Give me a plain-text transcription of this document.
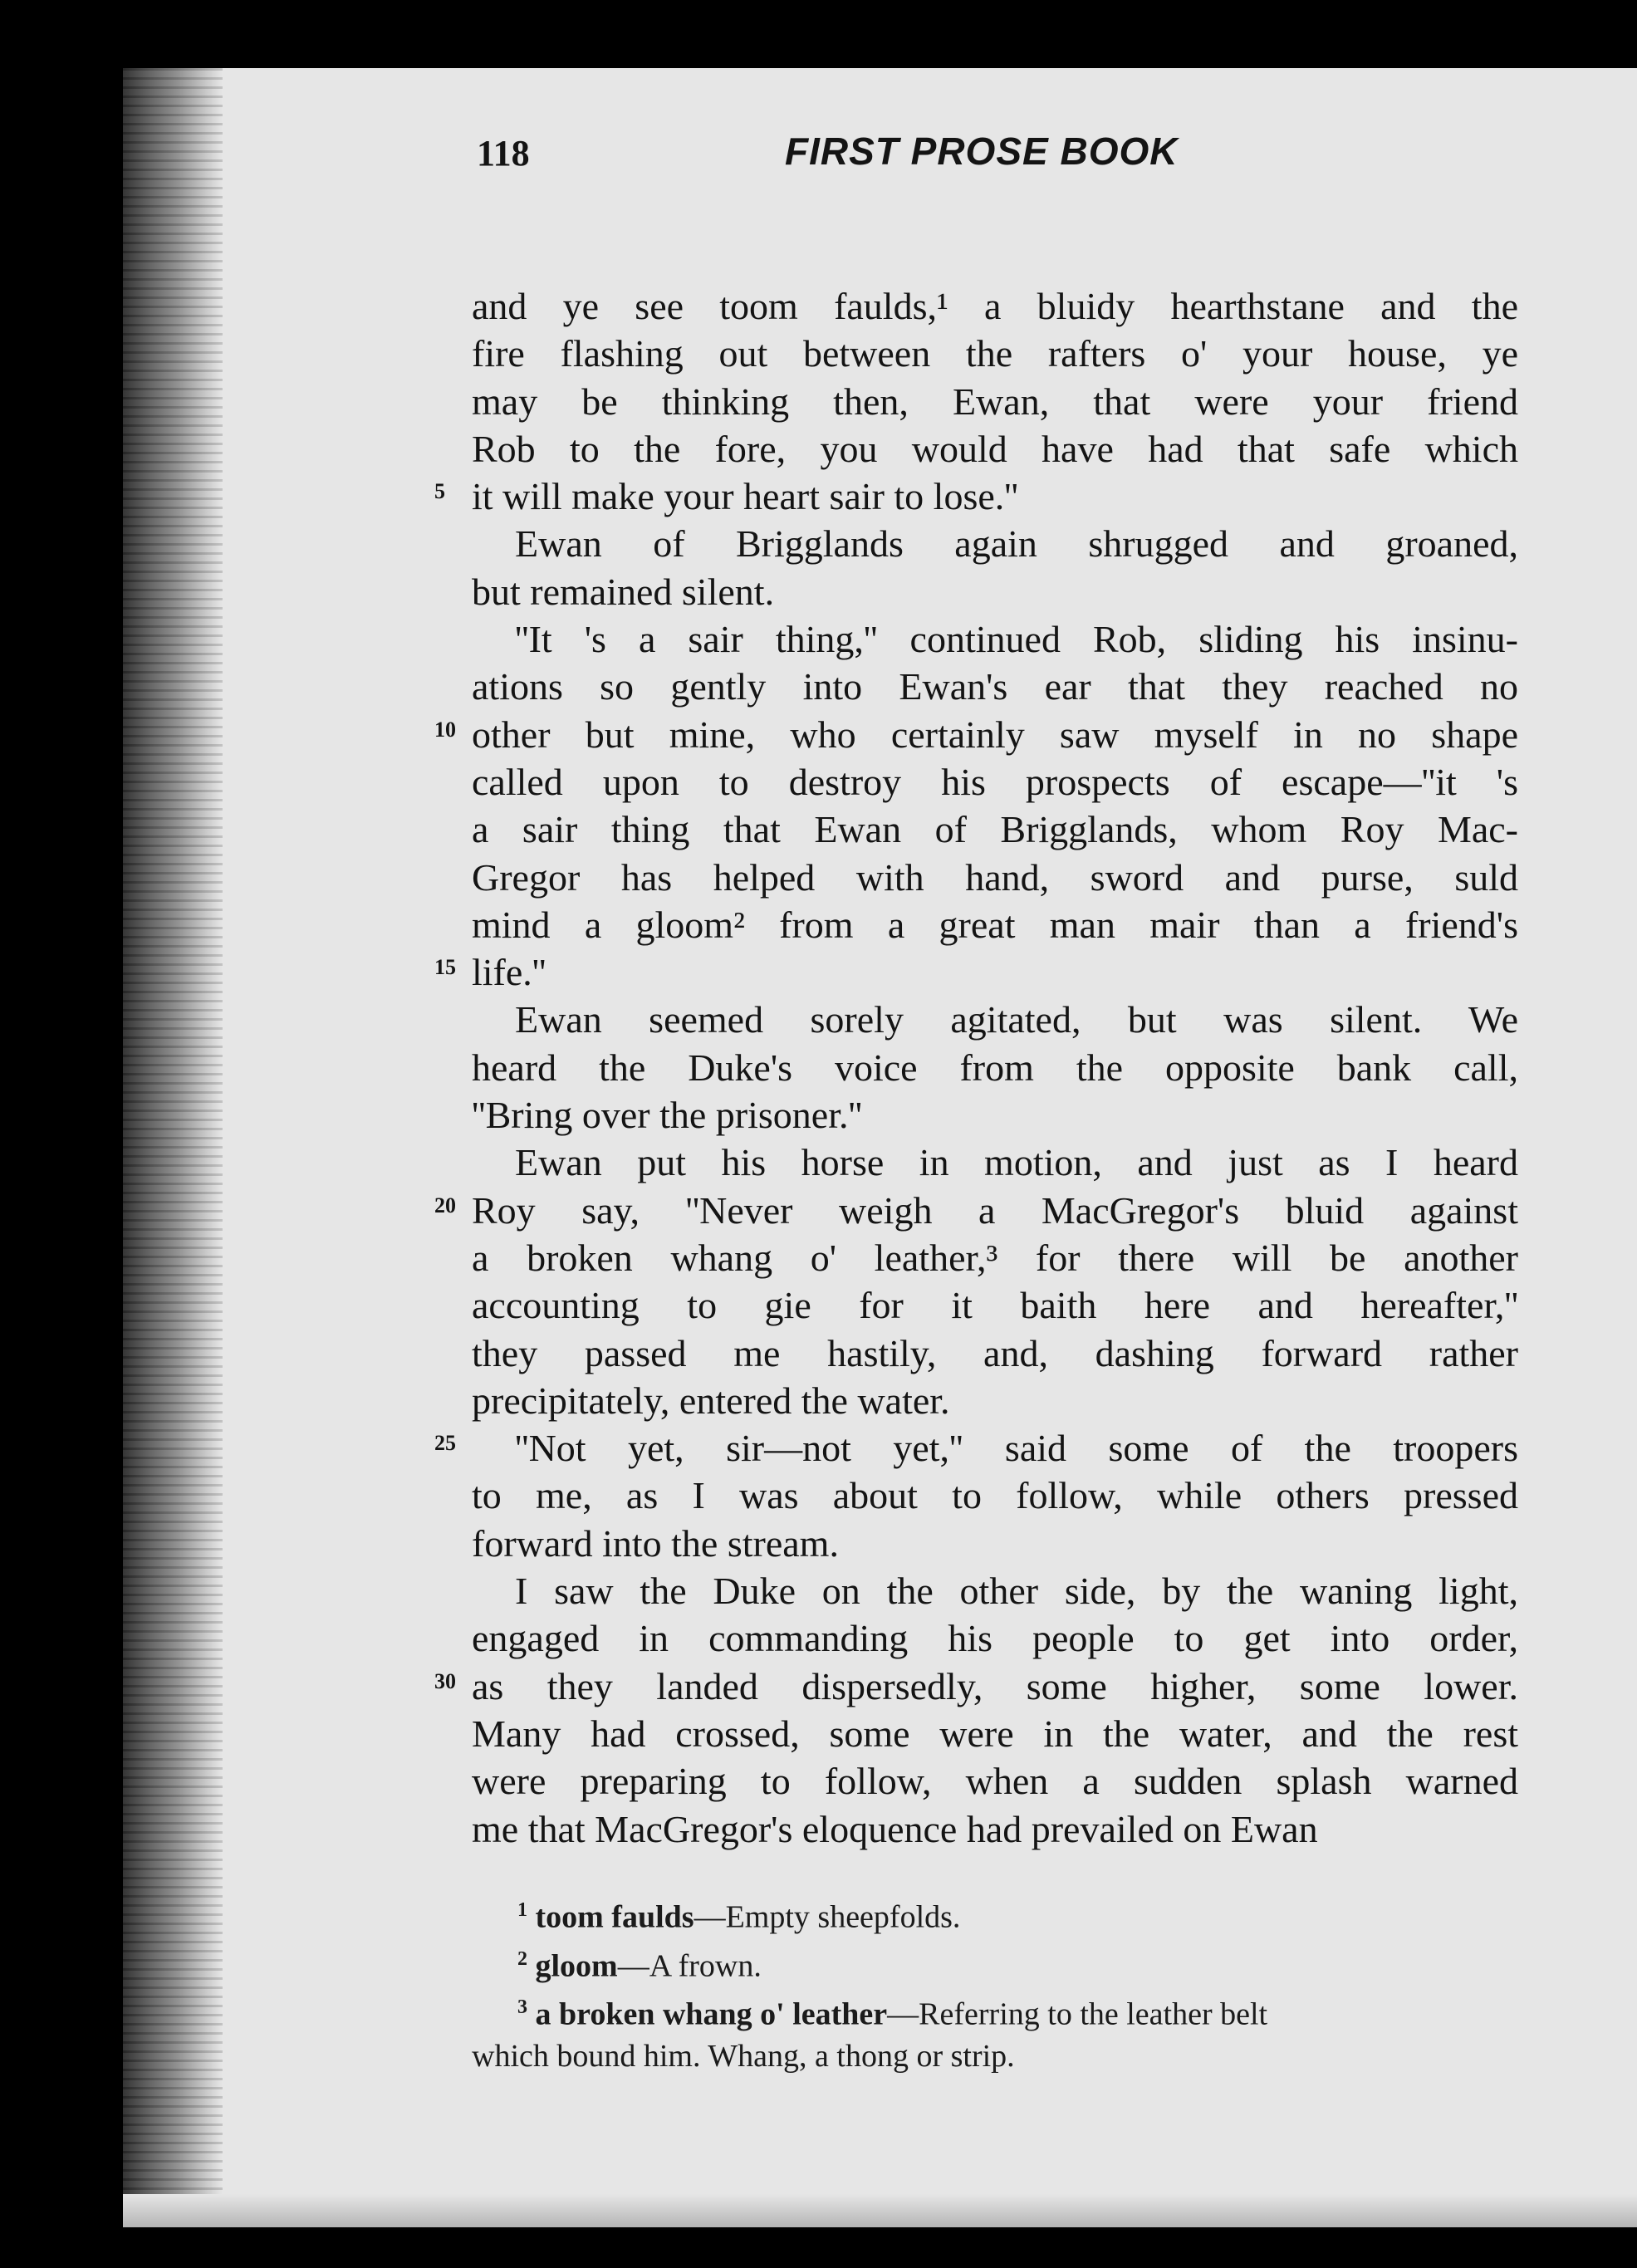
118	FIRST PROSE BOOK
and ye see toom faulds,¹ a bluidy hearthstane and the
fire flashing out between the rafters o' your house, ye
may be thinking then, Ewan, that were your friend
Rob to the fore, you would have had that safe which
5 it will make your heart sair to lose.''
Ewan of Brigglands again shrugged and groaned,
but remained silent.
''It 's a sair thing,'' continued Rob, sliding his insinu-
ations so gently into Ewan's ear that they reached no
10 other but mine, who certainly saw myself in no shape
called upon to destroy his prospects of escape—''it 's
a sair thing that Ewan of Brigglands, whom Roy Mac-
Gregor has helped with hand, sword and purse, suld
mind a gloom² from a great man mair than a friend's
15 life.''
Ewan seemed sorely agitated, but was silent. We
heard the Duke's voice from the opposite bank call,
''Bring over the prisoner.''
Ewan put his horse in motion, and just as I heard
20 Roy say, ''Never weigh a MacGregor's bluid against
a broken whang o' leather,³ for there will be another
accounting to gie for it baith here and hereafter,''
they passed me hastily, and, dashing forward rather
precipitately, entered the water.
25 ''Not yet, sir—not yet,'' said some of the troopers
to me, as I was about to follow, while others pressed
forward into the stream.
I saw the Duke on the other side, by the waning light,
engaged in commanding his people to get into order,
30 as they landed dispersedly, some higher, some lower.
Many had crossed, some were in the water, and the rest
were preparing to follow, when a sudden splash warned
me that MacGregor's eloquence had prevailed on Ewan
$^1$ toom faulds—Empty sheepfolds.
$^2$ gloom—A frown.
$^3$ a broken whang o' leather—Referring to the leather belt
which bound him. Whang, a thong or strip.
